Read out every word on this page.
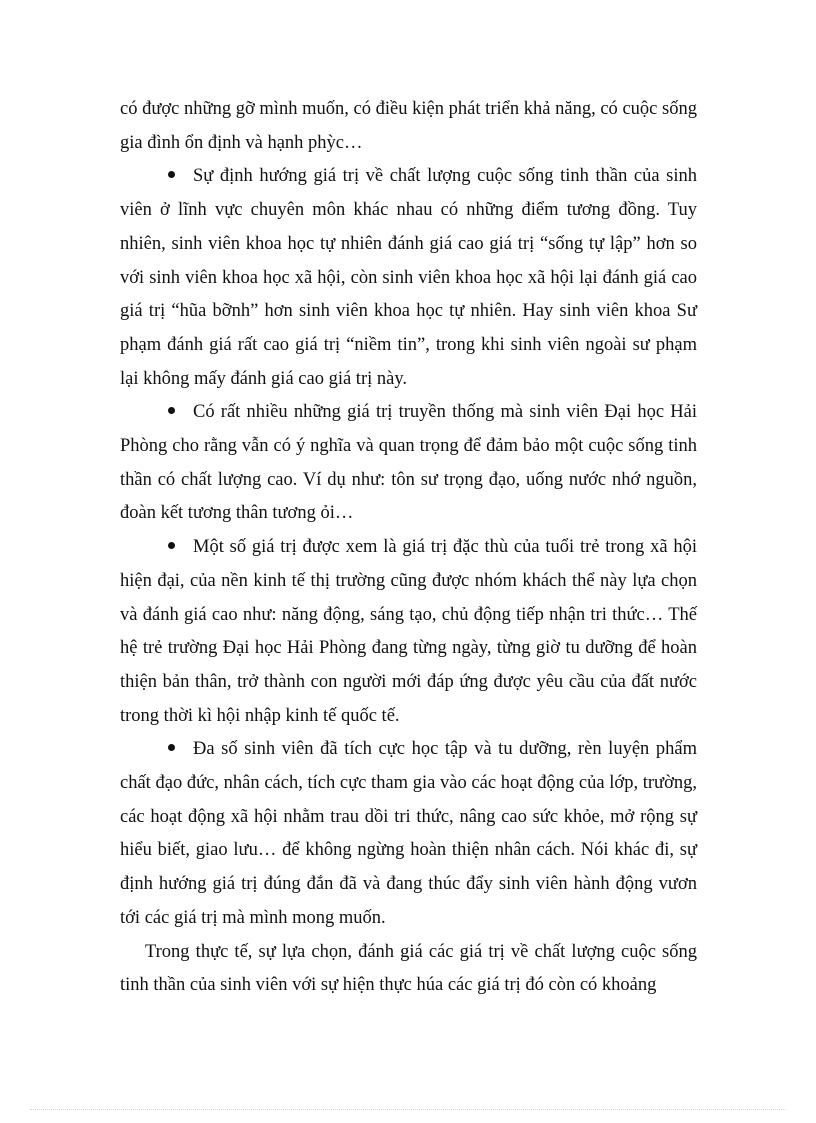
có được những gỡ mình muốn, có điều kiện phát triển khả năng, có cuộc sống gia đình ổn định và hạnh phỳc…

Sự định hướng giá trị về chất lượng cuộc sống tinh thần của sinh viên ở lĩnh vực chuyên môn khác nhau có những điểm tương đồng. Tuy nhiên, sinh viên khoa học tự nhiên đánh giá cao giá trị “sống tự lập” hơn so với sinh viên khoa học xã hội, còn sinh viên khoa học xã hội lại đánh giá cao giá trị “hũa bỡnh” hơn sinh viên khoa học tự nhiên. Hay sinh viên khoa Sư phạm đánh giá rất cao giá trị “niềm tin”, trong khi sinh viên ngoài sư phạm lại không mấy đánh giá cao giá trị này.

Có rất nhiều những giá trị truyền thống mà sinh viên Đại học Hải Phòng cho rằng vẫn có ý nghĩa và quan trọng để đảm bảo một cuộc sống tinh thần có chất lượng cao. Ví dụ như: tôn sư trọng đạo, uống nước nhớ nguồn, đoàn kết tương thân tương ỏi…

Một số giá trị được xem là giá trị đặc thù của tuổi trẻ trong xã hội hiện đại, của nền kinh tế thị trường cũng được nhóm khách thể này lựa chọn và đánh giá cao như: năng động, sáng tạo, chủ động tiếp nhận tri thức… Thế hệ trẻ trường Đại học Hải Phòng đang từng ngày, từng giờ tu dưỡng để hoàn thiện bản thân, trở thành con người mới đáp ứng được yêu cầu của đất nước trong thời kì hội nhập kinh tế quốc tế.

Đa số sinh viên đã tích cực học tập và tu dưỡng, rèn luyện phẩm chất đạo đức, nhân cách, tích cực tham gia vào các hoạt động của lớp, trường, các hoạt động xã hội nhằm trau dồi tri thức, nâng cao sức khỏe, mở rộng sự hiểu biết, giao lưu… để không ngừng hoàn thiện nhân cách. Nói khác đi, sự định hướng giá trị đúng đắn đã và đang thúc đẩy sinh viên hành động vươn tới các giá trị mà mình mong muốn.

Trong thực tế, sự lựa chọn, đánh giá các giá trị về chất lượng cuộc sống tinh thần của sinh viên với sự hiện thực húa các giá trị đó còn có khoảng
